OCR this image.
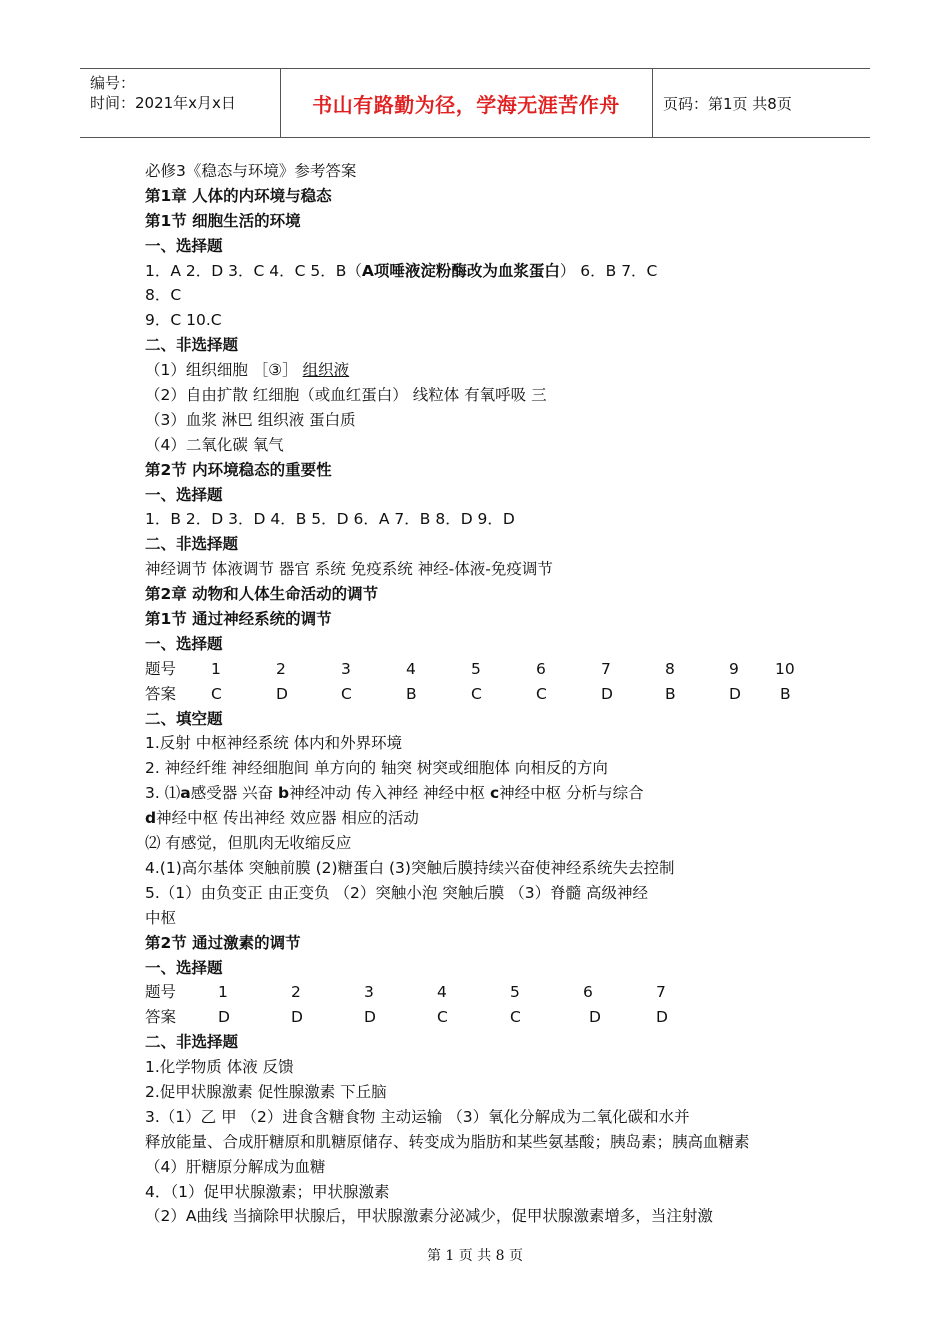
编号：
时间：2021年x月x日	书山有路勤为径，学海无涯苦作舟	页码：第1页 共8页
必修3《稳态与环境》参考答案
第1章 人体的内环境与稳态
第1节 细胞生活的环境
一、选择题
1．A 2．D 3．C 4．C 5．B（A项唾液淀粉酶改为血浆蛋白） 6．B 7．C
8．C
9．C 10.C
二、非选择题
（1）组织细胞 ［③］ 组织液
（2）自由扩散 红细胞（或血红蛋白） 线粒体 有氧呼吸 三
（3）血浆 淋巴 组织液 蛋白质
（4）二氧化碳 氧气
第2节 内环境稳态的重要性
一、选择题
1．B 2．D 3．D 4．B 5．D 6．A 7．B 8．D 9．D
二、非选择题
神经调节 体液调节 器官 系统 免疫系统 神经-体液-免疫调节
第2章 动物和人体生命活动的调节
第1节 通过神经系统的调节
一、选择题
题号	1	2	3	4	5	6	7	8	9	10
答案	C	D	C	B	C	C	D	B	D	B
二、填空题
1.反射 中枢神经系统 体内和外界环境
2. 神经纤维 神经细胞间 单方向的 轴突 树突或细胞体 向相反的方向
3. ⑴a感受器 兴奋 b神经冲动 传入神经 神经中枢 c神经中枢 分析与综合
d神经中枢 传出神经 效应器 相应的活动
⑵ 有感觉，但肌肉无收缩反应
4.(1)高尔基体 突触前膜 (2)糖蛋白 (3)突触后膜持续兴奋使神经系统失去控制
5.（1）由负变正 由正变负 （2）突触小泡 突触后膜 （3）脊髓 高级神经
中枢
第2节 通过激素的调节
一、选择题
题号	1	2	3	4	5	6	7
答案	D	D	D	C	C	D	D
二、非选择题
1.化学物质 体液 反馈
2.促甲状腺激素 促性腺激素 下丘脑
3.（1）乙 甲 （2）进食含糖食物 主动运输 （3）氧化分解成为二氧化碳和水并
释放能量、合成肝糖原和肌糖原储存、转变成为脂肪和某些氨基酸；胰岛素；胰高血糖素
（4）肝糖原分解成为血糖
4．（1）促甲状腺激素；甲状腺激素
（2）A曲线 当摘除甲状腺后，甲状腺激素分泌减少，促甲状腺激素增多，当注射激
第 1 页 共 8 页
